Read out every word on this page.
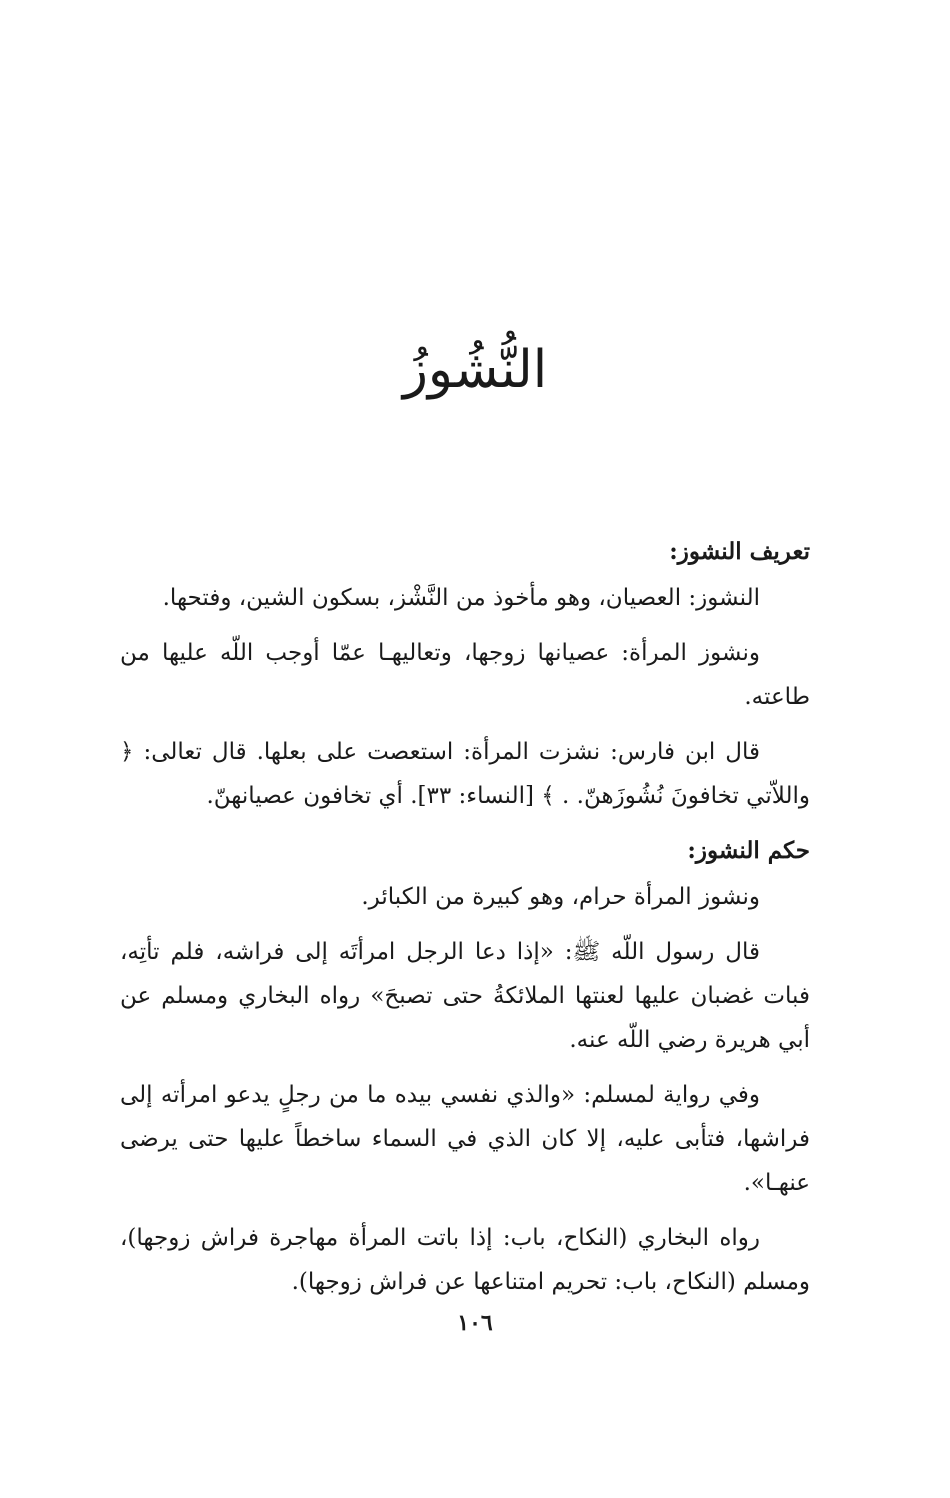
النُّشُوزُ
تعريف النشوز:

النشوز: العصيان، وهو مأخوذ من النَّشْز، بسكون الشين، وفتحها.

ونشوز المرأة: عصيانها زوجها، وتعاليهـا عمّا أوجب اللّه عليها من طاعته.

قال ابن فارس: نشزت المرأة: استعصت على بعلها. قال تعالى: ﴿ واللاّتي تخافونَ نُشُوزَهنّ. . ﴾ [النساء: ٣٣]. أي تخافون عصيانهنّ.

حكم النشوز:

ونشوز المرأة حرام، وهو كبيرة من الكبائر.

قال رسول اللّه ﷺ: «إذا دعا الرجل امرأتَه إلى فراشه، فلم تأتِه، فبات غضبان عليها لعنتها الملائكةُ حتى تصبحَ» رواه البخاري ومسلم عن أبي هريرة رضي اللّه عنه.

وفي رواية لمسلم: «والذي نفسي بيده ما من رجلٍ يدعو امرأته إلى فراشها، فتأبى عليه، إلا كان الذي في السماء ساخطاً عليها حتى يرضى عنهـا».

رواه البخاري (النكاح، باب: إذا باتت المرأة مهاجرة فراش زوجها)، ومسلم (النكاح، باب: تحريم امتناعها عن فراش زوجها).

١٠٦
